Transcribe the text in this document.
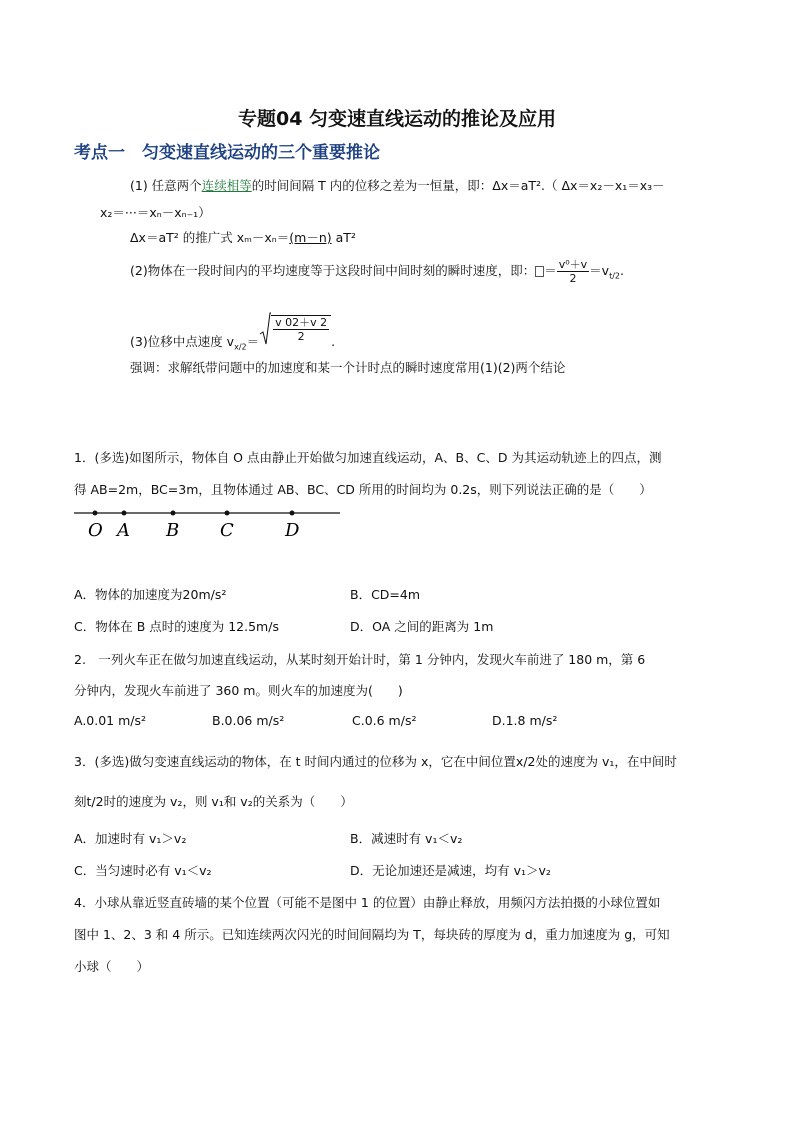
专题04 匀变速直线运动的推论及应用
考点一　匀变速直线运动的三个重要推论
(1) 任意两个连续相等的时间间隔 T 内的位移之差为一恒量，即：Δx＝aT².（ Δx＝x₂－x₁＝x₃－
x₂＝···＝xₙ－xₙ₋₁）
Δx＝aT² 的推广式 xₘ－xₙ＝(m－n) aT²
(2)物体在一段时间内的平均速度等于这段时间中间时刻的瞬时速度，即： ＝ $\frac{\text{v⁰＋v}}{2} =v_{t/2}$.
(3)位移中点速度 $v_{x/2}= \frac{v 02+v 2}{2}$ .
强调：求解纸带问题中的加速度和某一个计时点的瞬时速度常用(1)(2)两个结论
1．(多选)如图所示，物体自 O 点由静止开始做匀加速直线运动，A、B、C、D 为其运动轨迹上的四点，测
得 AB=2m，BC=3m，且物体通过 AB、BC、CD 所用的时间均为 0.2s，则下列说法正确的是（　　）
O A B C	D
A．物体的加速度为20m/s²	B．CD=4m
C．物体在 B 点时的速度为 12.5m/s	D．OA 之间的距离为 1m
2.　一列火车正在做匀加速直线运动，从某时刻开始计时，第 1 分钟内，发现火车前进了 180 m，第 6
分钟内，发现火车前进了 360 m。则火车的加速度为(　　)
A.0.01 m/s²	B.0.06 m/s²	C.0.6 m/s²	D.1.8 m/s²
3．(多选)做匀变速直线运动的物体，在 t 时间内通过的位移为 x，它在中间位置x/2处的速度为 v₁，在中间时
刻t/2时的速度为 v₂，则 v₁和 v₂的关系为（　　）
A．加速时有 v₁＞v₂	B．减速时有 v₁＜v₂
C．当匀速时必有 v₁＜v₂	D．无论加速还是减速，均有 v₁＞v₂
4．小球从靠近竖直砖墙的某个位置（可能不是图中 1 的位置）由静止释放，用频闪方法拍摄的小球位置如
图中 1、2、3 和 4 所示。已知连续两次闪光的时间间隔均为 T，每块砖的厚度为 d，重力加速度为 g，可知
小球（　　）
